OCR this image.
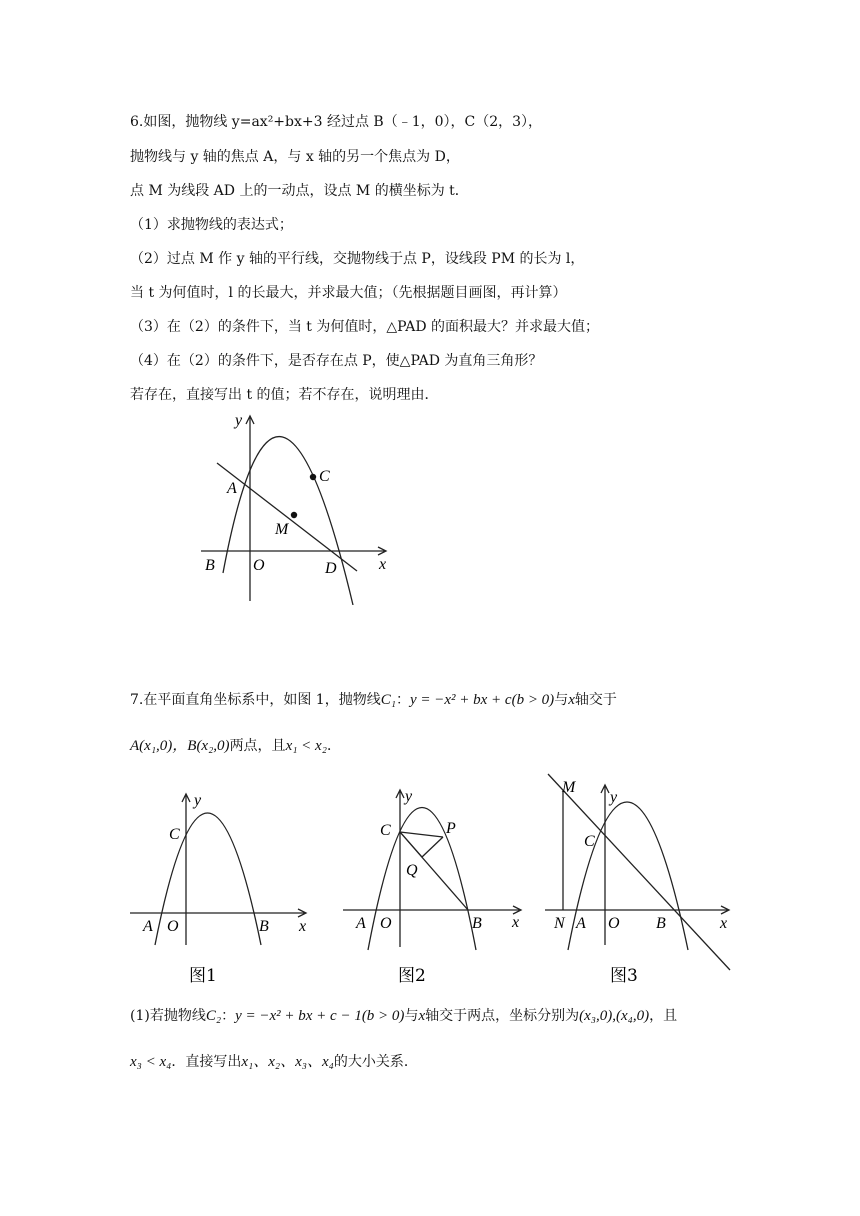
6.如图，抛物线 y=ax²+bx+3 经过点 B（﹣1，0），C（2，3），
抛物线与 y 轴的焦点 A，与 x 轴的另一个焦点为 D，
点 M 为线段 AD 上的一动点，设点 M 的横坐标为 t．
（1）求抛物线的表达式；
（2）过点 M 作 y 轴的平行线，交抛物线于点 P，设线段 PM 的长为 l，
当 t 为何值时，l 的长最大，并求最大值；（先根据题目画图，再计算）
（3）在（2）的条件下，当 t 为何值时，△PAD 的面积最大？并求最大值；
（4）在（2）的条件下，是否存在点 P，使△PAD 为直角三角形？
若存在，直接写出 t 的值；若不存在，说明理由．
y
x
A
C
M
B O	D
7.在平面直角坐标系中，如图 1，抛物线C₁：y = −x² + bx + c(b > 0)与x轴交于
A(x₁,0)，B(x₂,0)两点，且x₁ < x₂．
y
x
C
A O	B
图1
y
x
C	P
Q
A O	B
图2
M
y
x
C
N A O B
图3
(1)若抛物线C₂：y = −x² + bx + c − 1(b > 0)与x轴交于两点，坐标分别为(x₃,0),(x₄,0)，且
x₃ < x₄．直接写出x₁、x₂、x₃、x₄的大小关系．
